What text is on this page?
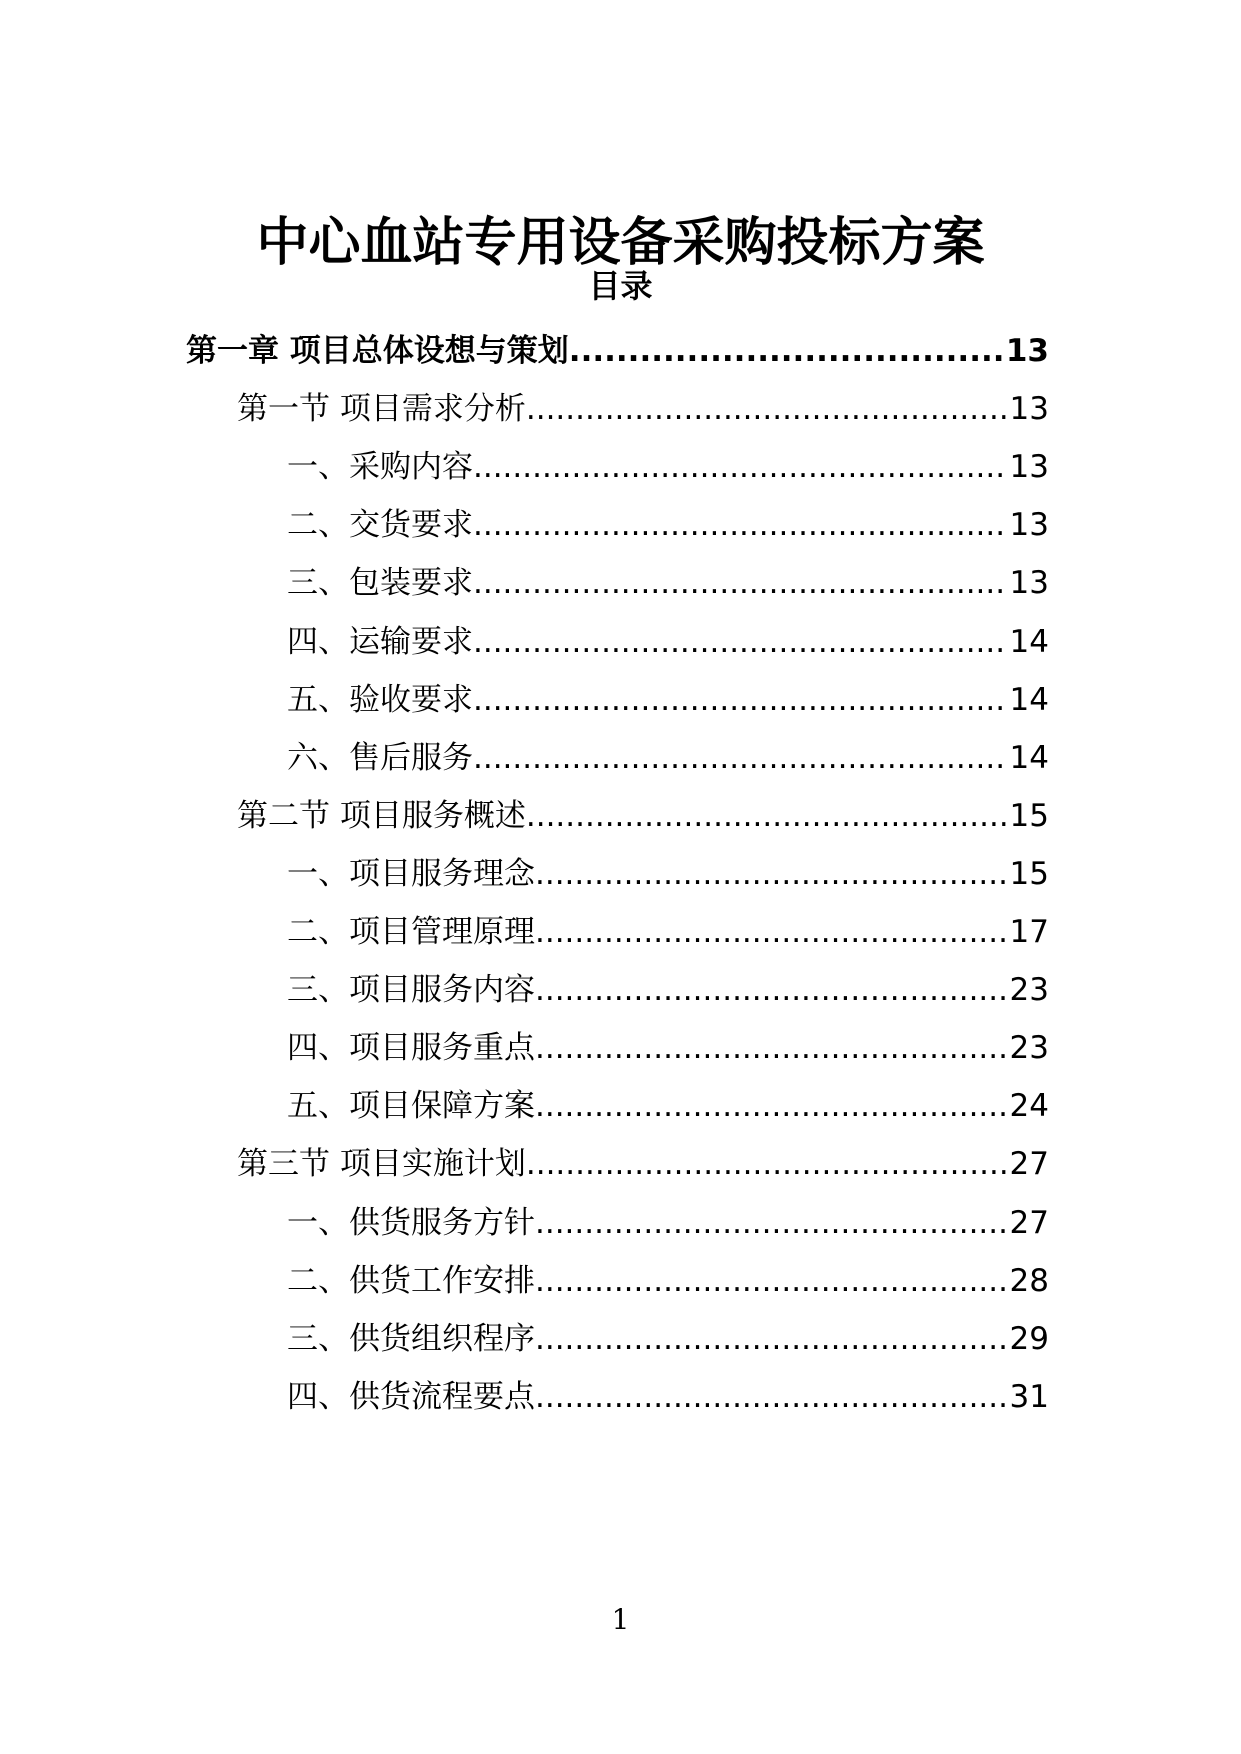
中心血站专用设备采购投标方案
目录
第一章 项目总体设想与策划 .....	13
第一节 项目需求分析 .....	13
一、采购内容 .....	13
二、交货要求 .....	13
三、包装要求 .....	13
四、运输要求 .....	14
五、验收要求 .....	14
六、售后服务 .....	14
第二节 项目服务概述 .....	15
一、项目服务理念 .....	15
二、项目管理原理 .....	17
三、项目服务内容 .....	23
四、项目服务重点 .....	23
五、项目保障方案 .....	24
第三节 项目实施计划 .....	27
一、供货服务方针 .....	27
二、供货工作安排 .....	28
三、供货组织程序 .....	29
四、供货流程要点 .....	31
1
